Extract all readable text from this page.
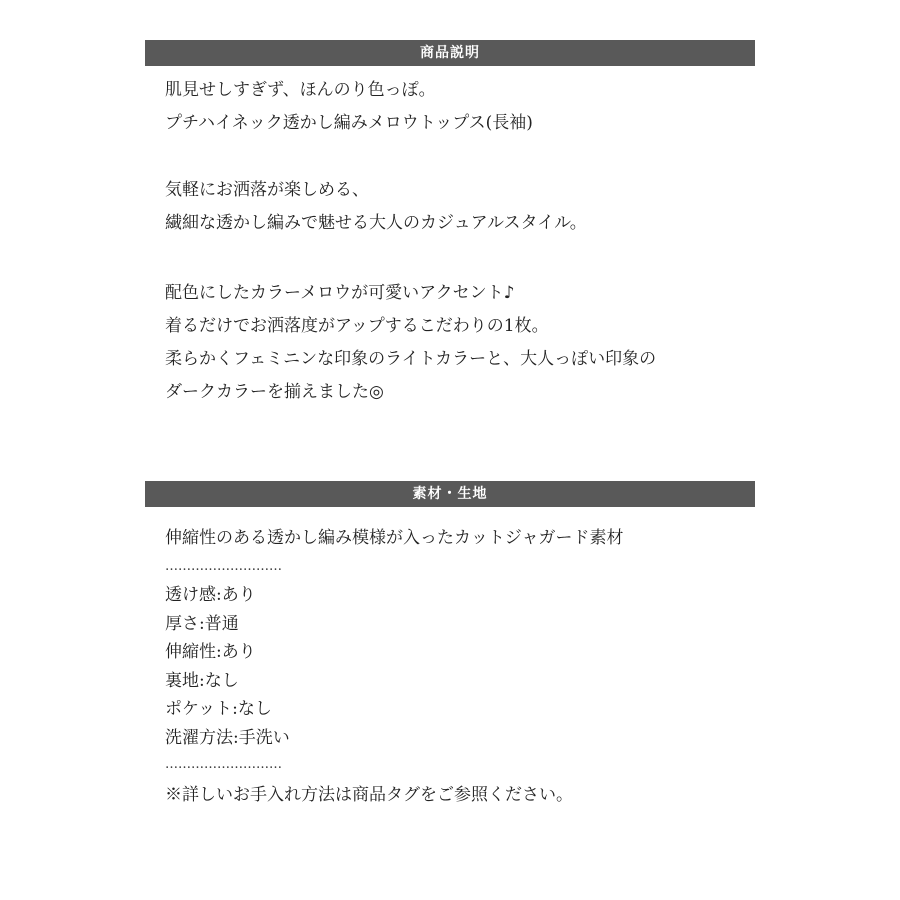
商品説明
肌見せしすぎず、ほんのり色っぽ。
プチハイネック透かし編みメロウトップス(長袖)
気軽にお洒落が楽しめる、
繊細な透かし編みで魅せる大人のカジュアルスタイル。
配色にしたカラーメロウが可愛いアクセント♪
着るだけでお洒落度がアップするこだわりの1枚。
柔らかくフェミニンな印象のライトカラーと、大人っぽい印象の
ダークカラーを揃えました◎
素材・生地
伸縮性のある透かし編み模様が入ったカットジャガード素材
………………………
透け感:あり
厚さ:普通
伸縮性:あり
裏地:なし
ポケット:なし
洗濯方法:手洗い
………………………
※詳しいお手入れ方法は商品タグをご参照ください。
